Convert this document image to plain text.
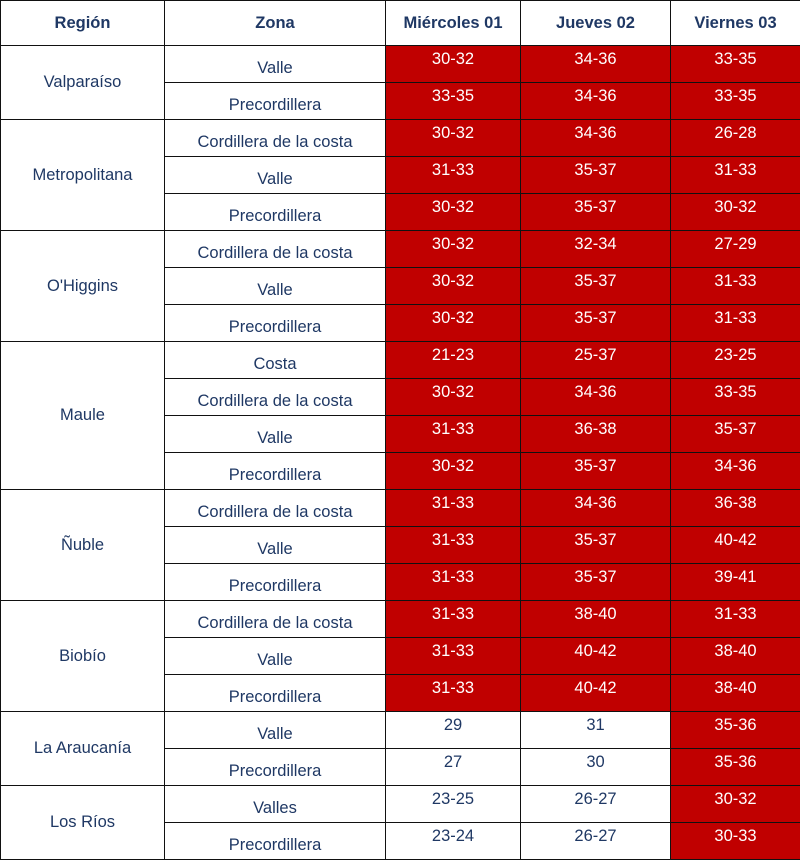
Región	Zona	Miércoles 01	Jueves 02	Viernes 03
Valparaíso	Valle	30-32	34-36	33-35
	Precordillera	33-35	34-36	33-35
Metropolitana	Cordillera de la costa	30-32	34-36	26-28
	Valle	31-33	35-37	31-33
	Precordillera	30-32	35-37	30-32
O'Higgins	Cordillera de la costa	30-32	32-34	27-29
	Valle	30-32	35-37	31-33
	Precordillera	30-32	35-37	31-33
Maule	Costa	21-23	25-37	23-25
	Cordillera de la costa	30-32	34-36	33-35
	Valle	31-33	36-38	35-37
	Precordillera	30-32	35-37	34-36
Ñuble	Cordillera de la costa	31-33	34-36	36-38
	Valle	31-33	35-37	40-42
	Precordillera	31-33	35-37	39-41
Biobío	Cordillera de la costa	31-33	38-40	31-33
	Valle	31-33	40-42	38-40
	Precordillera	31-33	40-42	38-40
La Araucanía	Valle	29	31	35-36
	Precordillera	27	30	35-36
Los Ríos	Valles	23-25	26-27	30-32
	Precordillera	23-24	26-27	30-33
